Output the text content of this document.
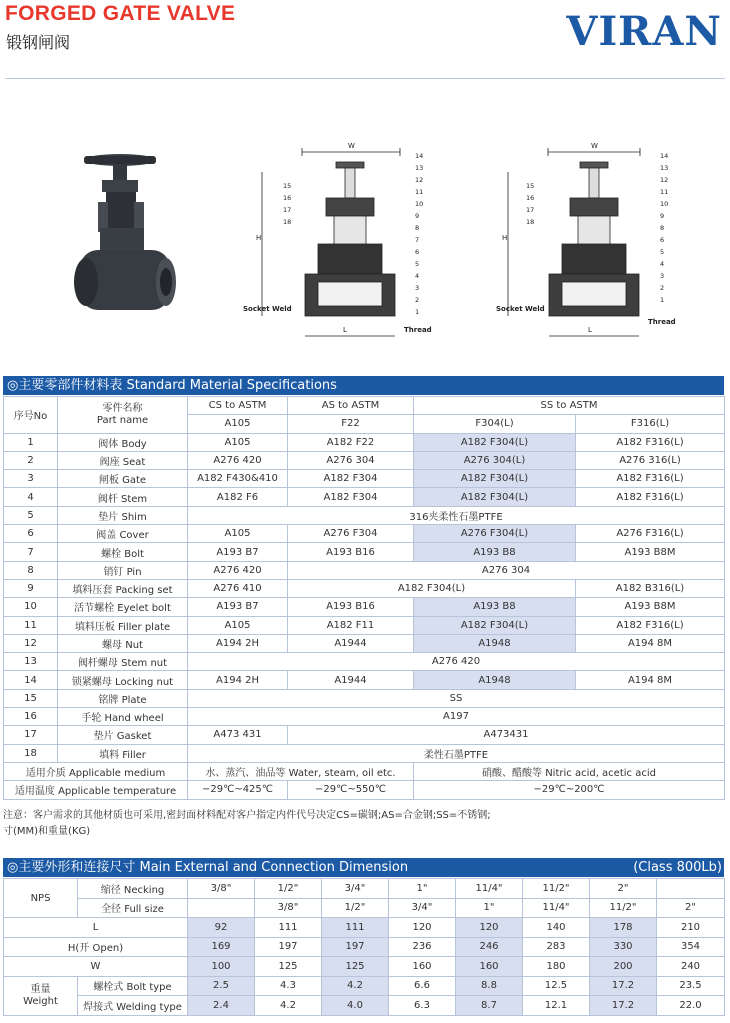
FORGED GATE VALVE
锻钢闸阀	VIRAN
W
H
L
Socket Weld
Thread
14
13
12
11
10
9
8
7
6
5
4
3
2
1
15
16
17
18
W
H
L
Socket Weld
Thread
14
13
12
11
10
9
8
6
5
4
3
2
1
15
16
17
18
◎主要零部件材料表 Standard Material Specifications
序号No	零件名称
Part name	CS to ASTM	AS to ASTM	SS to ASTM	
		A105	F22	F304(L)	F316(L)
1	阀体 Body	A105	A182 F22	A182 F304(L)	A182 F316(L)
2	阀座 Seat	A276 420	A276 304	A276 304(L)	A276 316(L)
3	闸板 Gate	A182 F430&410	A182 F304	A182 F304(L)	A182 F316(L)
4	阀杆 Stem	A182 F6	A182 F304	A182 F304(L)	A182 F316(L)
5	垫片 Shim	316夹柔性石墨PTFE			
6	阀盖 Cover	A105	A276 F304	A276 F304(L)	A276 F316(L)
7	螺栓 Bolt	A193 B7	A193 B16	A193 B8	A193 B8M
8	销钉 Pin	A276 420	A276 304		
9	填料压套 Packing set	A276 410	A182 F304(L)		A182 B316(L)
10	活节螺栓 Eyelet bolt	A193 B7	A193 B16	A193 B8	A193 B8M
11	填料压板 Filler plate	A105	A182 F11	A182 F304(L)	A182 F316(L)
12	螺母 Nut	A194 2H	A1944	A1948	A194 8M
13	阀杆螺母 Stem nut	A276 420			
14	锁紧螺母 Locking nut	A194 2H	A1944	A1948	A194 8M
15	铭牌 Plate	SS			
16	手轮 Hand wheel	A197			
17	垫片 Gasket	A473 431	A473431		
18	填料 Filler	柔性石墨PTFE			
适用介质 Applicable medium		水、蒸汽、油品等 Water, steam, oil etc.		硝酸、醋酸等 Nitric acid, acetic acid	
适用温度 Applicable temperature		−29℃~425℃	−29℃~550℃	−29℃~200℃	
注意：客户需求的其他材质也可采用,密封面材料配对客户指定内件代号决定CS=碳钢;AS=合金钢;SS=不锈钢;
寸(MM)和重量(KG)
◎主要外形和连接尺寸 Main External and Connection Dimension	(Class 800Lb)
NPS	缩径 Necking	3/8"	1/2"	3/4"	1"	11/4"	11/2"	2"	
	全径 Full size		3/8"	1/2"	3/4"	1"	11/4"	11/2"	2"
L		92	111	111	120	120	140	178	210
H(开 Open)		169	197	197	236	246	283	330	354
W		100	125	125	160	160	180	200	240

重量
Weight	螺栓式 Bolt type	2.5	4.3	4.2	6.6	8.8	12.5	17.2	23.5
	焊接式 Welding type	2.4	4.2	4.0	6.3	8.7	12.1	17.2	22.0
